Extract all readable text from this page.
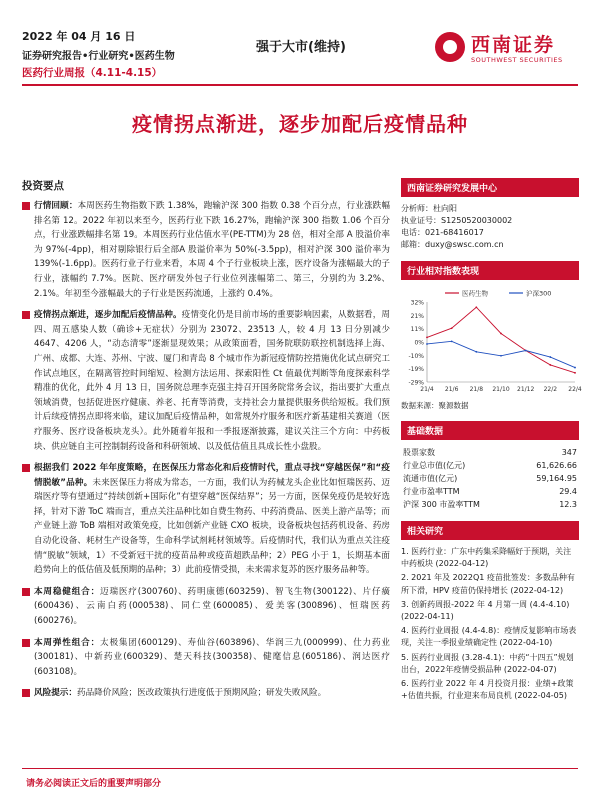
2022 年 04 月 16 日
证券研究报告•行业研究•医药生物
医药行业周报（4.11-4.15）
强于大市(维持)	西南证券
SOUTHWEST SECURITIES
疫情拐点渐进，逐步加配后疫情品种
投资要点
行情回顾：本周医药生物指数下跌 1.38%，跑输沪深 300 指数 0.38 个百分点，行业涨跌幅排名第 12。2022 年初以来至今，医药行业下跌 16.27%，跑输沪深 300 指数 1.06 个百分点，行业涨跌幅排名第 19。本周医药行业估值水平(PE-TTM)为 28 倍，相对全部 A 股溢价率为 97%(-4pp)，相对剔除银行后全部A 股溢价率为 50%(-3.5pp)，相对沪深 300 溢价率为 139%(-1.6pp)。医药行业子行业来看，本周 4 个子行业板块上涨，医疗设备为涨幅最大的子行业，涨幅约 7.7%。医院、医疗研发外包子行业位列涨幅第二、第三，分别约为 3.2%、2.1%。年初至今涨幅最大的子行业是医药流通，上涨约 0.4%。
疫情拐点渐进，逐步加配后疫情品种。疫情变化仍是目前市场的重要影响因素，从数据看，周四、周五感染人数（确诊+无症状）分别为 23072、23513 人，较 4 月 13 日分别减少 4647、4206 人，“动态清零”逐渐显现效果；从政策面看，国务院联防联控机制选择上海、广州、成都、大连、苏州、宁波、厦门和青岛 8 个城市作为新冠疫情防控措施优化试点研究工作试点地区，在隔离管控时间缩短、检测方法运用、探索阳性 Ct 值最优判断等角度探索科学精准的优化，此外 4 月 13 日，国务院总理李克强主持召开国务院常务会议，指出要扩大重点领域消费，包括促进医疗健康、养老、托育等消费，支持社会力量提供服务供给短板。我们预计后续疫情拐点即将来临，建议加配后疫情品种，如常规外疗服务和医疗新基建相关赛道（医疗服务、医疗设备板块龙头）。此外随着年报和一季报逐渐披露，建议关注三个方向：中药板块、供应链自主可控制制药设备和科研领域、以及低估值且具成长性小盘股。
根据我们 2022 年年度策略，在医保压力常态化和后疫情时代，重点寻找“穿越医保”和“疫情脱敏”品种。未来医保压力将成为常态，一方面，我们认为药械龙头企业比如恒瑞医药、迈瑞医疗等有望通过“持续创新+国际化”有望穿越“医保结界”；另一方面，医保免疫仍是较好选择，针对下游 ToC 端而言，重点关注品种比如自费生物药、中药消费品、医美上游产品等；而产业链上游 ToB 端相对政策免疫，比如创新产业链 CXO 板块，设备板块包括药机设备、药房自动化设备、耗材生产设备等，生命科学试剂耗材领域等。后疫情时代，我们认为重点关注疫情“脱敏”领域，1）不受新冠干扰的疫苗品种或疫苗超跌品种；2）PEG 小于 1，长期基本面趋势向上的低估值及低预期的品种；3）此前疫情受损，未来需求复苏的医疗服务品种等。
本周稳健组合：迈瑞医疗(300760)、药明康德(603259)、智飞生物(300122)、片仔癀(600436)、云南白药(000538)、同仁堂(600085)、爱美客(300896)、恒瑞医药(600276)。
本周弹性组合：太极集团(600129)、寿仙谷(603896)、华润三九(000999)、仕力药业(300181)、中新药业(600329)、楚天科技(300358)、健麾信息(605186)、润达医疗(603108)。
风险提示：药品降价风险；医改政策执行进度低于预期风险；研发失败风险。
西南证券研究发展中心
分析师：杜向阳
执业证号：S1250520030002
电话：021-68416017
邮箱：duxy@swsc.com.cn
行业相对指数表现
32%
21%
11%
0%
-10%
-19%
-29%
21/4 21/6 21/8 21/10 21/12 22/2 22/4
医药生物	沪深300
数据来源：聚源数据
基础数据
股票家数	347
行业总市值(亿元)	61,626.66
流通市值(亿元)	59,164.95
行业市盈率TTM	29.4
沪深 300 市盈率TTM	12.3
相关研究
1. 医药行业：广东中药集采降幅好于预期，关注中药板块 (2022-04-12)
2. 2021 年及 2022Q1 疫苗批签发：多数品种有所下滑，HPV 疫苗仍保持增长 (2022-04-12)
3. 创新药周报-2022 年 4 月第一周 (4.4-4.10) (2022-04-11)
4. 医药行业周报 (4.4-4.8)：疫情反复影响市场表现，关注一季报业绩确定性 (2022-04-10)
5. 医药行业周报 (3.28-4.1)：中药“十四五”规划出台，2022年疫情受损品种 (2022-04-07)
6. 医药行业 2022 年 4 月投资月报：业绩+政策+估值共振，行业迎来布局良机 (2022-04-05)
请务必阅读正文后的重要声明部分
